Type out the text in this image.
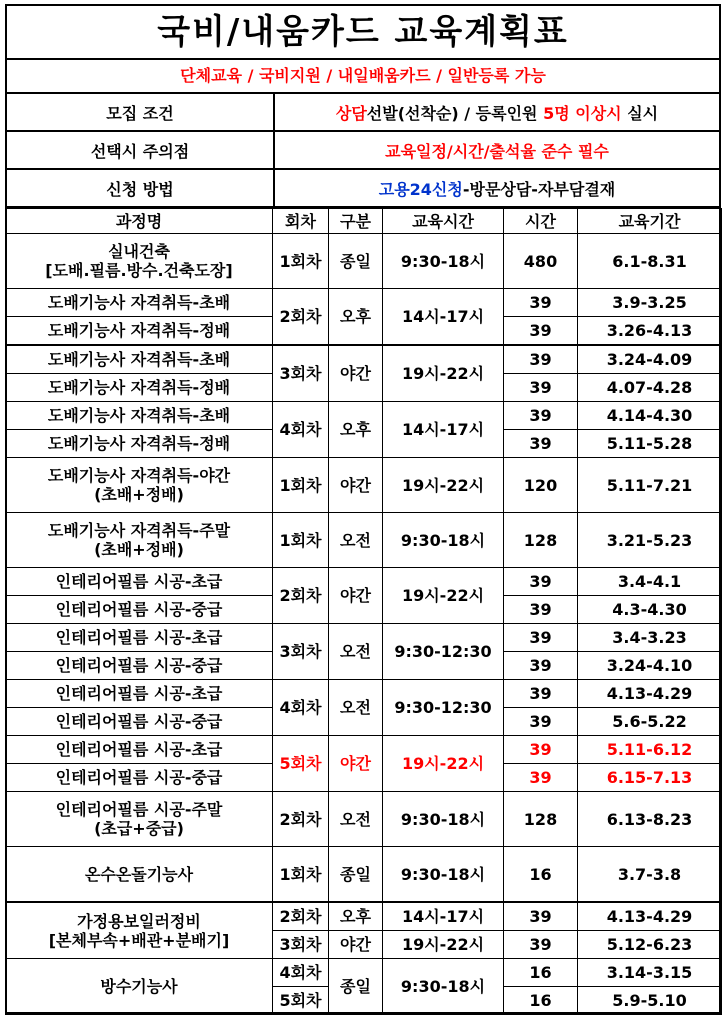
국비/내움카드 교육계획표
단체교육 / 국비지원 / 내일배움카드 / 일반등록 가능
모집 조건	상담 선발(선착순) / 등록인원 5명 이상시 실시
선택시 주의점	교육일정/시간/출석율 준수 필수
신청 방법	고용24신청 -방문상담-자부담결재
과정명	회차	구분	교육시간	시간	교육기간
실내건축
[도배.필름.방수.건축도장]	1회차	종일	9:30-18시	480	6.1-8.31
도배기능사 자격취득-초배	2회차	오후	14시-17시	39	3.9-3.25
도배기능사 자격취득-정배				39	3.26-4.13
도배기능사 자격취득-초배	3회차	야간	19시-22시	39	3.24-4.09
도배기능사 자격취득-정배				39	4.07-4.28
도배기능사 자격취득-초배	4회차	오후	14시-17시	39	4.14-4.30
도배기능사 자격취득-정배				39	5.11-5.28
도배기능사 자격취득-야간
(초배+정배)	1회차	야간	19시-22시	120	5.11-7.21
도배기능사 자격취득-주말
(초배+정배)	1회차	오전	9:30-18시	128	3.21-5.23
인테리어필름 시공-초급	2회차	야간	19시-22시	39	3.4-4.1
인테리어필름 시공-중급				39	4.3-4.30
인테리어필름 시공-초급	3회차	오전	9:30-12:30	39	3.4-3.23
인테리어필름 시공-중급				39	3.24-4.10
인테리어필름 시공-초급	4회차	오전	9:30-12:30	39	4.13-4.29
인테리어필름 시공-중급				39	5.6-5.22
인테리어필름 시공-초급	5회차	야간	19시-22시	39	5.11-6.12
인테리어필름 시공-중급				39	6.15-7.13
인테리어필름 시공-주말
(초급+중급)	2회차	오전	9:30-18시	128	6.13-8.23
온수온돌기능사	1회차	종일	9:30-18시	16	3.7-3.8
가정용보일러정비
[본체부속+배관+분배기]	2회차	오후	14시-17시	39	4.13-4.29
	3회차	야간	19시-22시	39	5.12-6.23
방수기능사	4회차	종일	9:30-18시	16	3.14-3.15
	5회차			16	5.9-5.10
